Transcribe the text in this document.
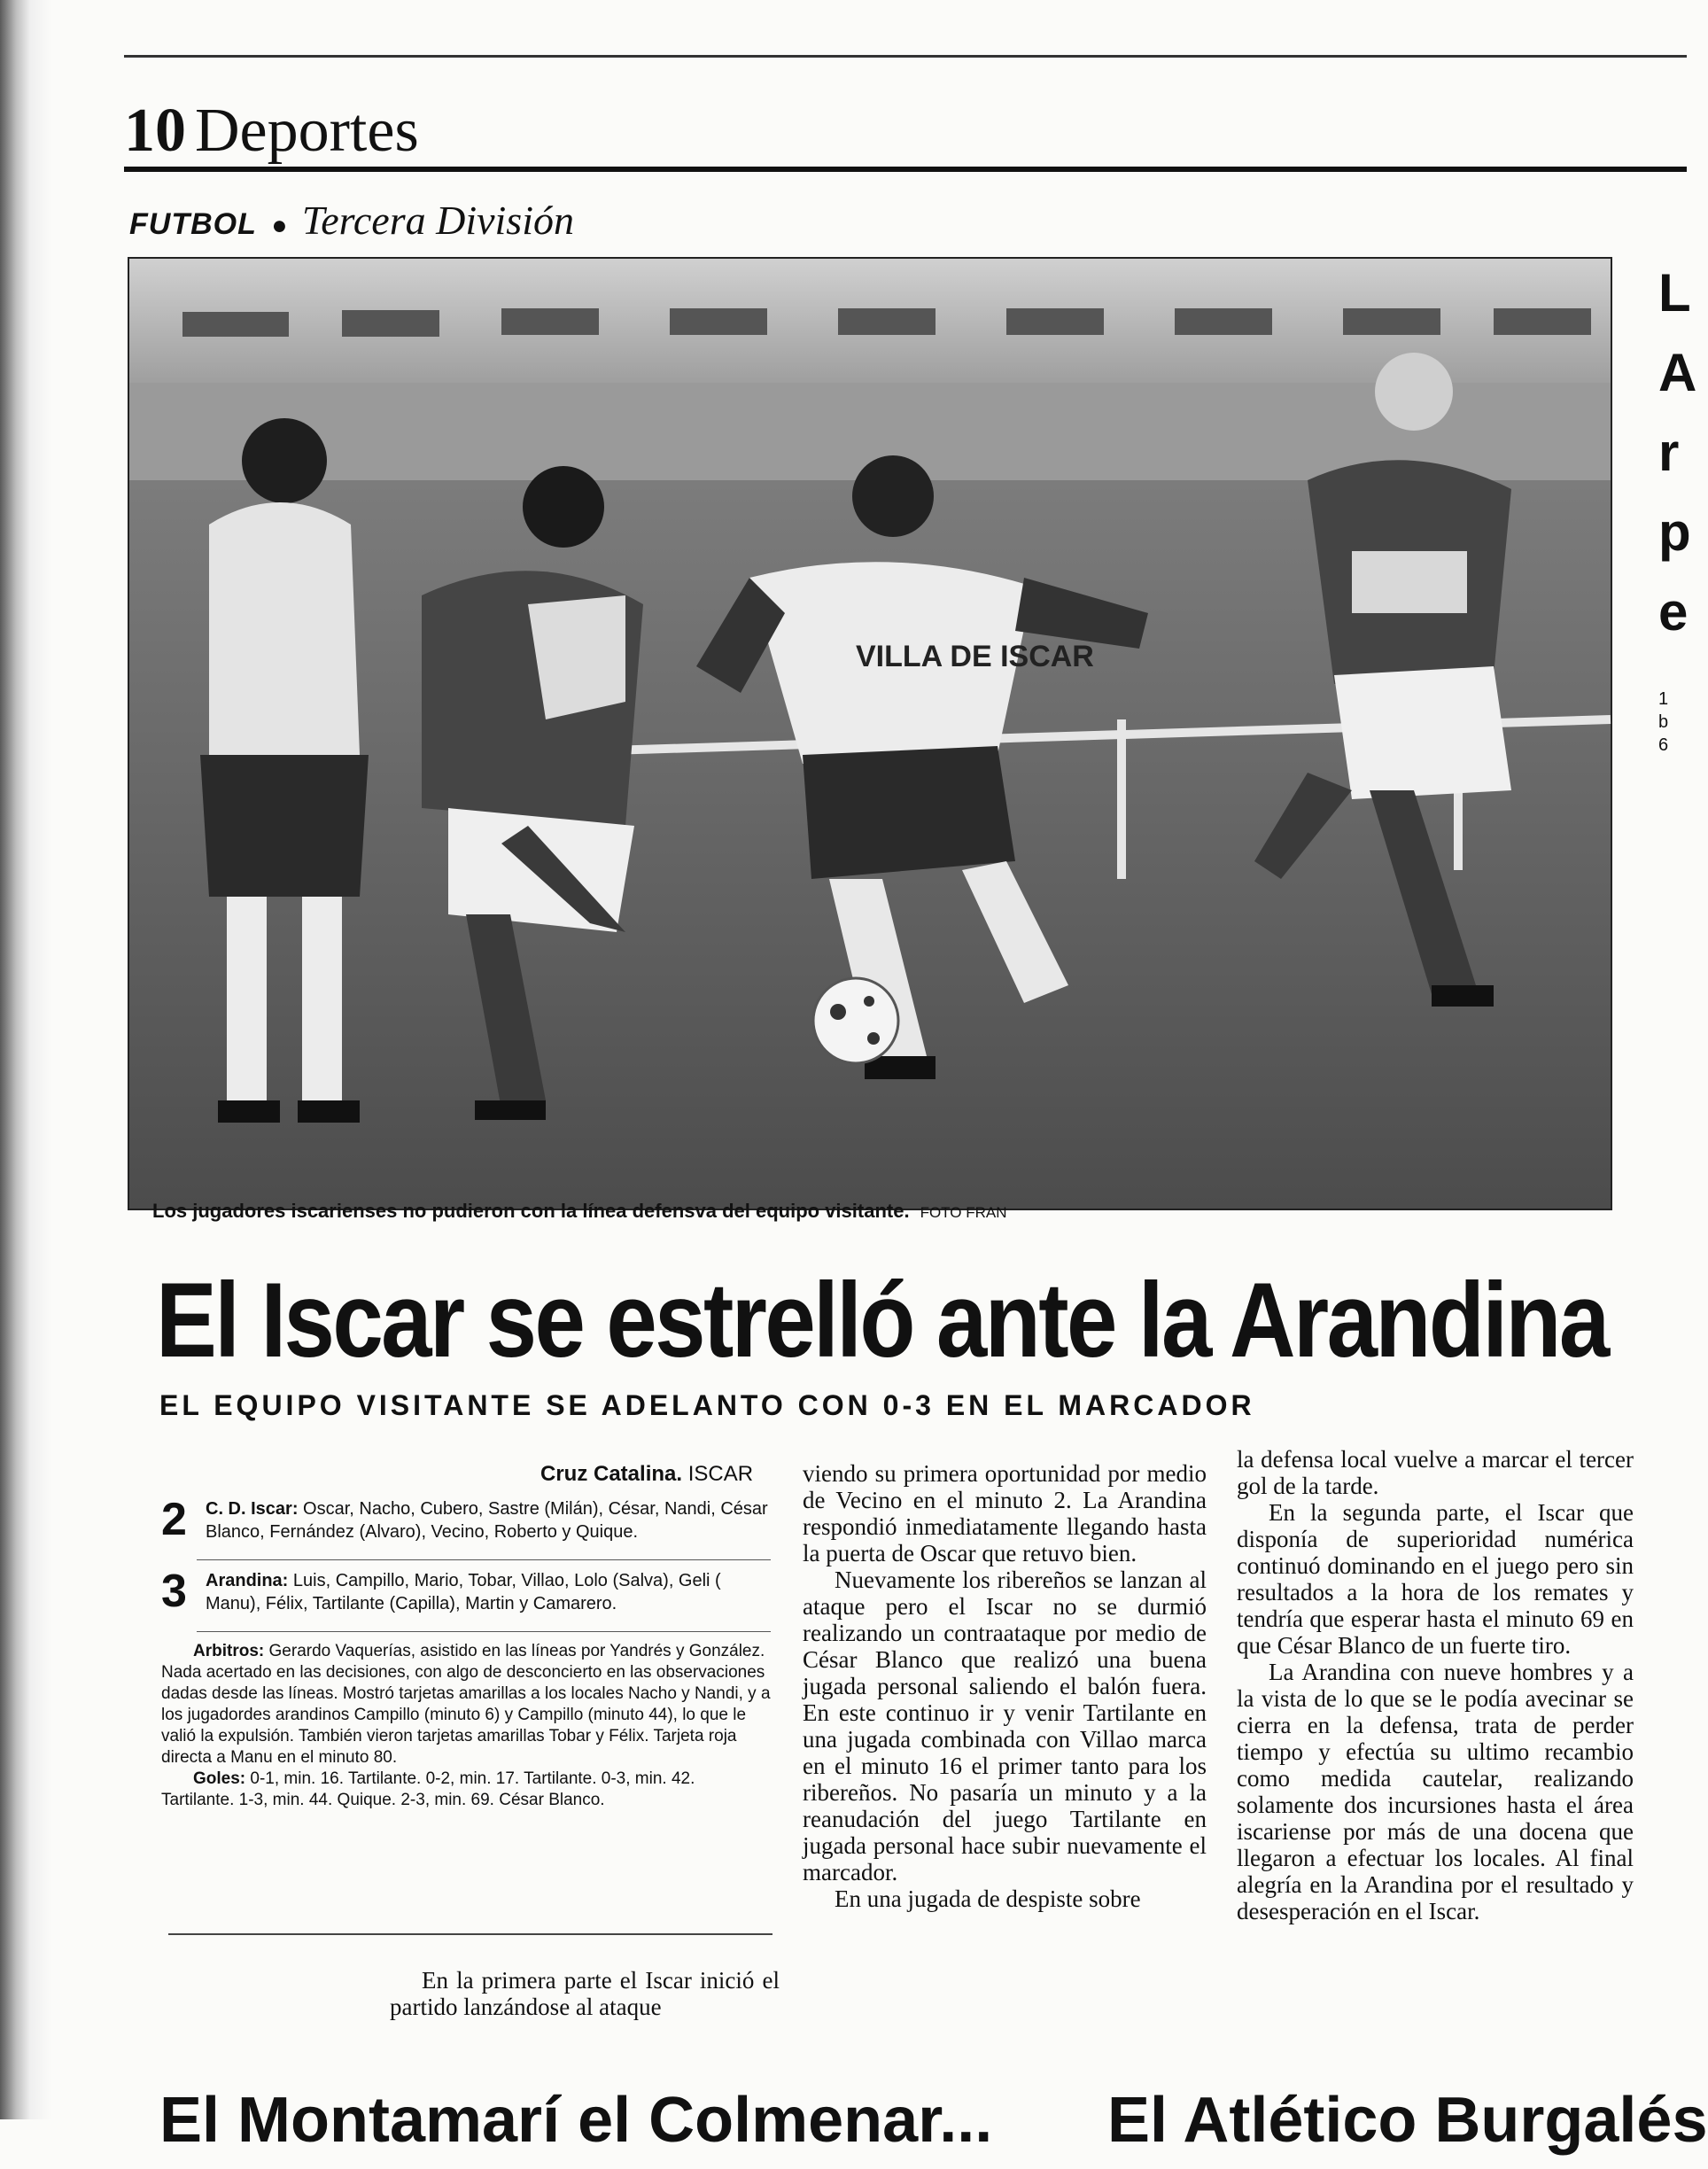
10 Deportes
FUTBOL ● Tercera División
VILLA DE ISCAR
Los jugadores iscarienses no pudieron con la línea defensva del equipo visitante. FOTO FRAN
El Iscar se estrelló ante la Arandina
EL EQUIPO VISITANTE SE ADELANTO CON 0-3 EN EL MARCADOR
Cruz Catalina. ISCAR
2 C. D. Iscar: Oscar, Nacho, Cubero, Sastre (Milán), César, Nandi, César Blanco, Fernández (Alvaro), Vecino, Roberto y Quique.
3 Arandina: Luis, Campillo, Mario, Tobar, Villao, Lolo (Salva), Geli ( Manu), Félix, Tartilante (Capilla), Martin y Camarero.
Arbitros: Gerardo Vaquerías, asistido en las líneas por Yandrés y González. Nada acertado en las decisiones, con algo de desconcierto en las observaciones dadas desde las líneas. Mostró tarjetas amarillas a los locales Nacho y Nandi, y a los jugadordes arandinos Campillo (minuto 6) y Campillo (minuto 44), lo que le valió la expulsión. También vieron tarjetas amarillas Tobar y Félix. Tarjeta roja directa a Manu en el minuto 80.
Goles: 0-1, min. 16. Tartilante. 0-2, min. 17. Tartilante. 0-3, min. 42. Tartilante. 1-3, min. 44. Quique. 2-3, min. 69. César Blanco.

En la primera parte el Iscar inició el partido lanzándose al ataque

viendo su primera oportunidad por medio de Vecino en el minuto 2. La Arandina respondió inmediatamente llegando hasta la puerta de Oscar que retuvo bien.

Nuevamente los ribereños se lanzan al ataque pero el Iscar no se durmió realizando un contraataque por medio de César Blanco que realizó una buena jugada personal saliendo el balón fuera. En este continuo ir y venir Tartilante en una jugada combinada con Villao marca en el minuto 16 el primer tanto para los ribereños. No pasaría un minuto y a la reanudación del juego Tartilante en jugada personal hace subir nuevamente el marcador.

En una jugada de despiste sobre

la defensa local vuelve a marcar el tercer gol de la tarde.

En la segunda parte, el Iscar que disponía de superioridad numérica continuó dominando en el juego pero sin resultados a la hora de los remates y tendría que esperar hasta el minuto 69 en que César Blanco de un fuerte tiro.

La Arandina con nueve hombres y a la vista de lo que se le podía avecinar se cierra en la defensa, trata de perder tiempo y efectúa su ultimo recambio como medida cautelar, realizando solamente dos incursiones hasta el área iscariense por más de una docena que llegaron a efectuar los locales. Al final alegría en la Arandina por el resultado y desesperación en el Iscar.

L
A
r
p
e
1
b
6
El Montamarí el Colmenar... El Atlético Burgalés
